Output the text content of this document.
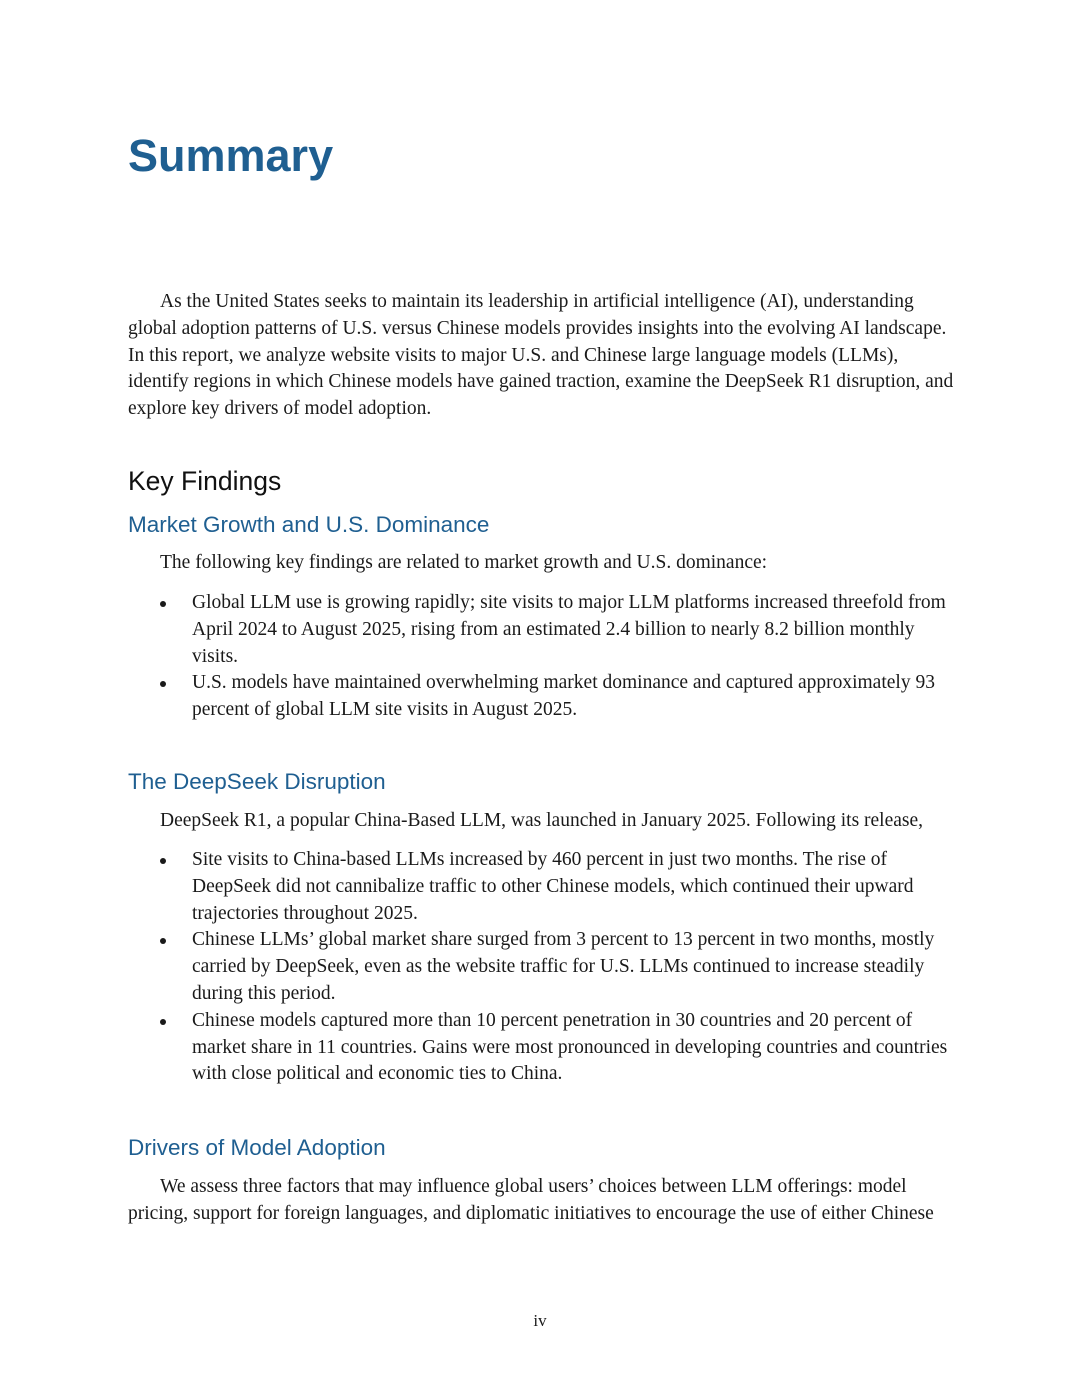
Summary

As the United States seeks to maintain its leadership in artificial intelligence (AI), understanding global adoption patterns of U.S. versus Chinese models provides insights into the evolving AI landscape. In this report, we analyze website visits to major U.S. and Chinese large language models (LLMs), identify regions in which Chinese models have gained traction, examine the DeepSeek R1 disruption, and explore key drivers of model adoption.

Key Findings
Market Growth and U.S. Dominance

The following key findings are related to market growth and U.S. dominance:

Global LLM use is growing rapidly; site visits to major LLM platforms increased threefold from April 2024 to August 2025, rising from an estimated 2.4 billion to nearly 8.2 billion monthly visits.
U.S. models have maintained overwhelming market dominance and captured approximately 93 percent of global LLM site visits in August 2025.
The DeepSeek Disruption

DeepSeek R1, a popular China-Based LLM, was launched in January 2025. Following its release,

Site visits to China-based LLMs increased by 460 percent in just two months. The rise of DeepSeek did not cannibalize traffic to other Chinese models, which continued their upward trajectories throughout 2025.
Chinese LLMs’ global market share surged from 3 percent to 13 percent in two months, mostly carried by DeepSeek, even as the website traffic for U.S. LLMs continued to increase steadily during this period.
Chinese models captured more than 10 percent penetration in 30 countries and 20 percent of market share in 11 countries. Gains were most pronounced in developing countries and countries with close political and economic ties to China.
Drivers of Model Adoption

We assess three factors that may influence global users’ choices between LLM offerings: model pricing, support for foreign languages, and diplomatic initiatives to encourage the use of either Chinese

iv
